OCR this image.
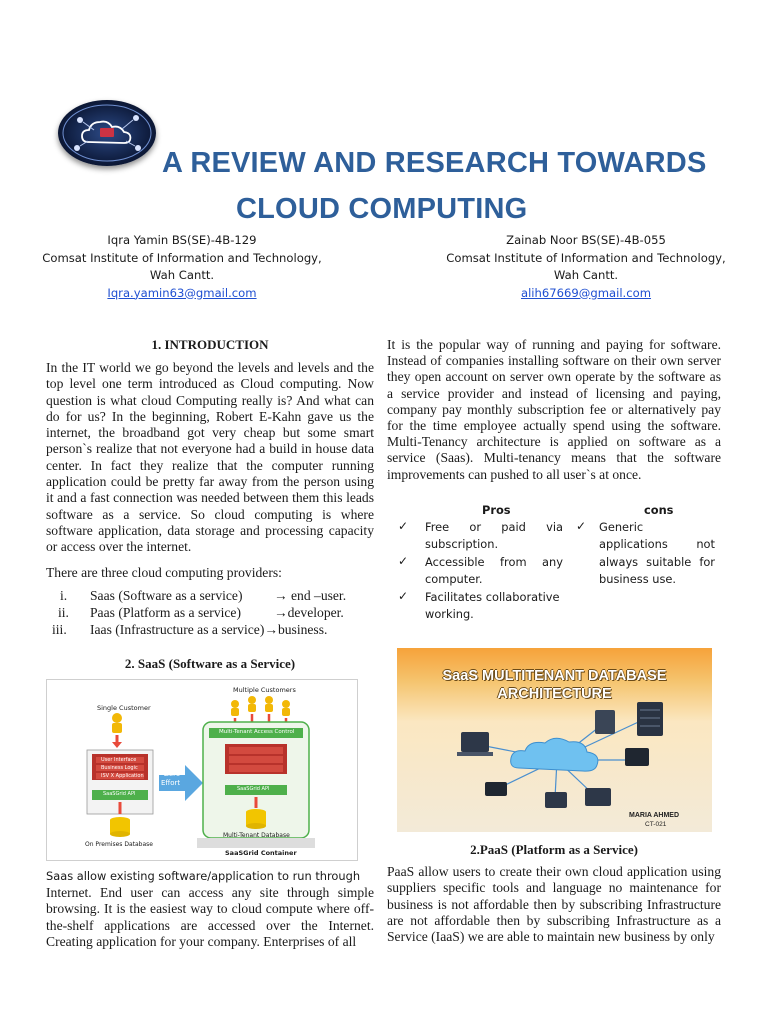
A REVIEW AND RESEARCH TOWARDS
CLOUD COMPUTING
Iqra Yamin BS(SE)-4B-129
Comsat Institute of Information and Technology,
Wah Cantt.
Iqra.yamin63@gmail.com
Zainab Noor BS(SE)-4B-055
Comsat Institute of Information and Technology,
Wah Cantt.
alih67669@gmail.com
1. INTRODUCTION
In the IT world we go beyond the levels and levels and the top level one term introduced as Cloud computing. Now question is what cloud Computing really is? And what can do for us? In the beginning, Robert E-Kahn gave us the internet, the broadband got very cheap but some smart person`s realize that not everyone had a build in house data center. In fact they realize that the computer running application could be pretty far away from the person using it and a fast connection was needed between them this leads software as a service. So cloud computing is where software application, data storage and processing capacity or access over the internet.
There are three cloud computing providers:
i. Saas (Software as a service) → end –user.
ii. Paas (Platform as a service) →developer.
iii. Iaas (Infrastructure as a service)→business.
2. SaaS (Software as a Service)
Single Customer
Multiple Customers
Multi-Tenant Access Control
User Interface
Business Logic
ISV X Application
SaaSGrid API
SaaSGrid API
Zero
Effort
On Premises Database
Multi-Tenant Database
SaaSGrid Container
Saas allow existing software/application to run through
Internet. End user can access any site through simple browsing. It is the easiest way to cloud compute where off-the-shelf applications are accessed over the Internet. Creating application for your company. Enterprises of all
It is the popular way of running and paying for software. Instead of companies installing software on their own server they open account on server own operate by the software as a service provider and instead of licensing and paying, company pay monthly subscription fee or alternatively pay for the time employee actually spend using the software. Multi-Tenancy architecture is applied on software as a service (Saas). Multi-tenancy means that the software improvements can pushed to all user`s at once.
Pros	cons
✓ Free or paid via subscription.
✓ Accessible from any computer.
✓ Facilitates collaborative working.
✓ Generic applications not always suitable for business use.
SaaS MULTITENANT DATABASE
ARCHITECTURE
MARIA AHMED
CT-021
2.PaaS (Platform as a Service)
PaaS allow users to create their own cloud application using suppliers specific tools and language no maintenance for business is not affordable then by subscribing Infrastructure are not affordable then by subscribing Infrastructure as a Service (IaaS) we are able to maintain new business by only
